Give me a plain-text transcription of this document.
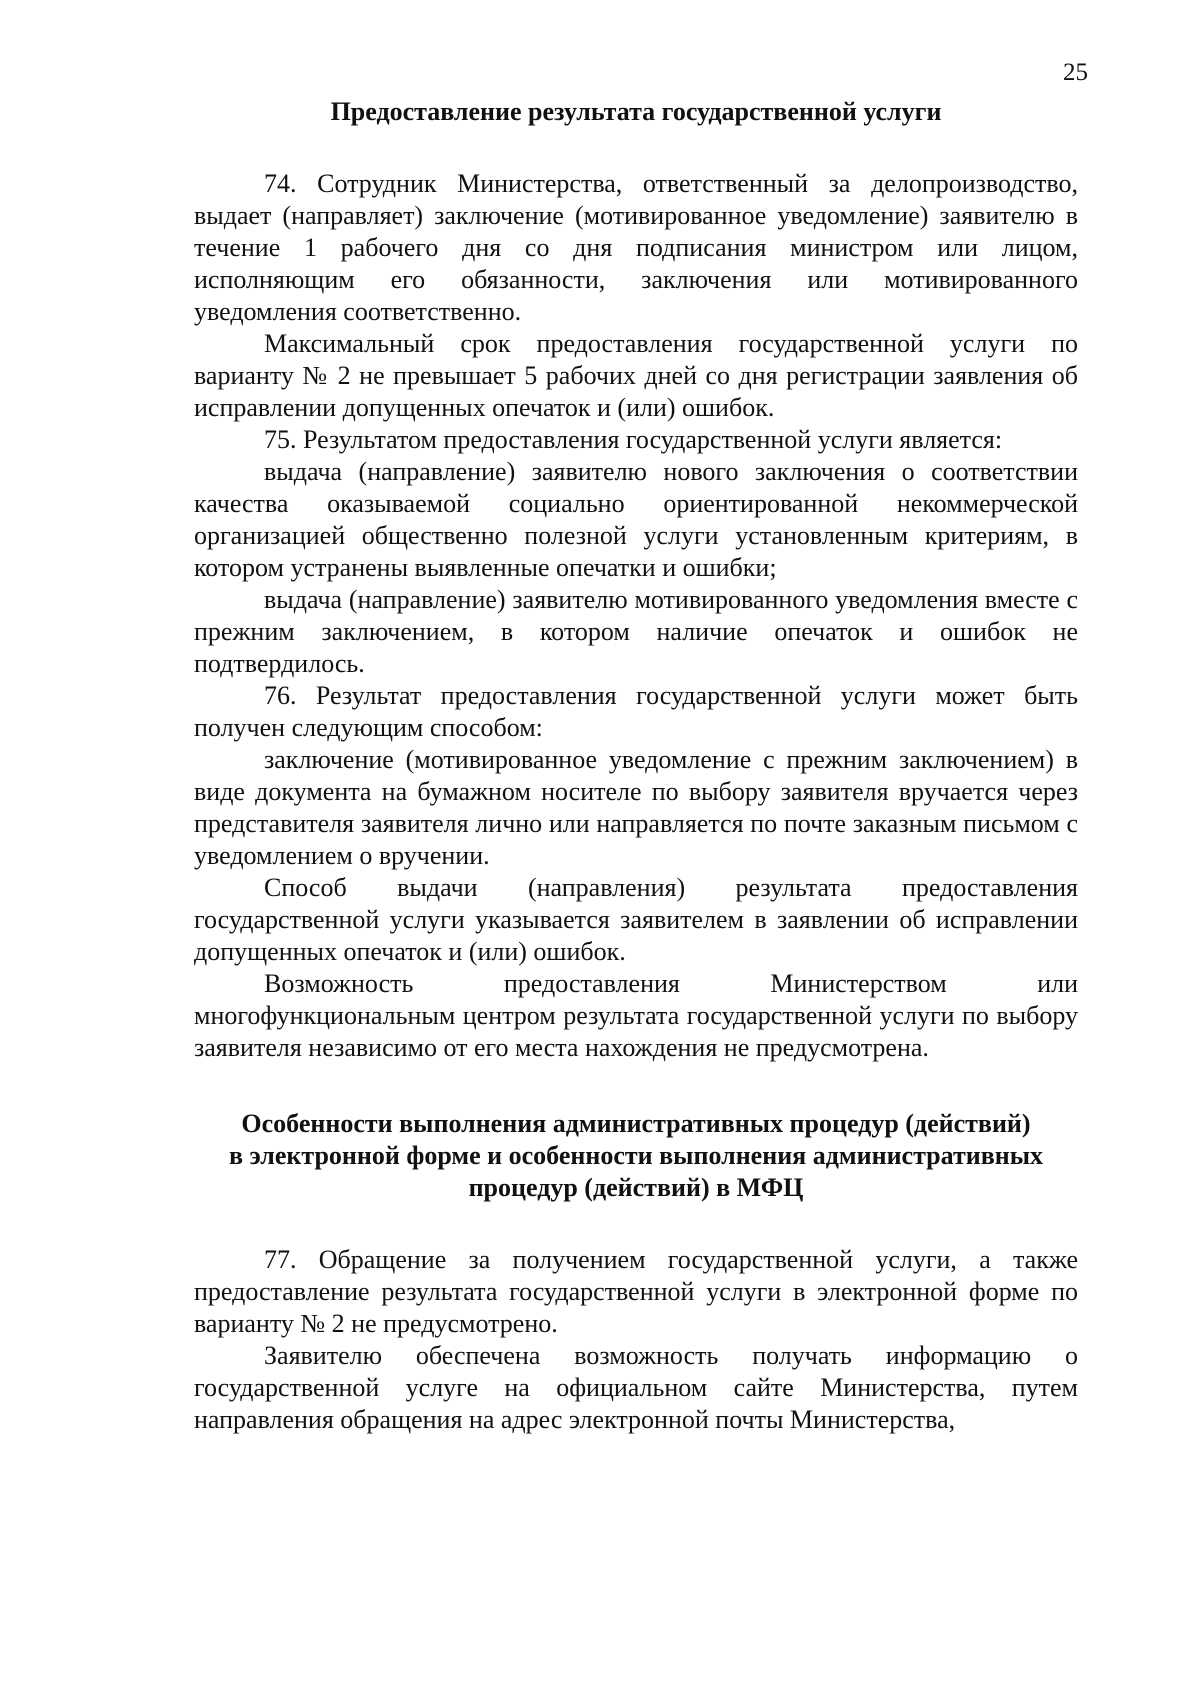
25
Предоставление результата государственной услуги

74. Сотрудник Министерства, ответственный за делопроизводство, выдает (направляет) заключение (мотивированное уведомление) заявителю в течение 1 рабочего дня со дня подписания министром или лицом, исполняющим его обязанности, заключения или мотивированного уведомления соответственно.

Максимальный срок предоставления государственной услуги по варианту № 2 не превышает 5 рабочих дней со дня регистрации заявления об исправлении допущенных опечаток и (или) ошибок.

75. Результатом предоставления государственной услуги является:

выдача (направление) заявителю нового заключения о соответствии качества оказываемой социально ориентированной некоммерческой организацией общественно полезной услуги установленным критериям, в котором устранены выявленные опечатки и ошибки;

выдача (направление) заявителю мотивированного уведомления вместе с прежним заключением, в котором наличие опечаток и ошибок не подтвердилось.

76. Результат предоставления государственной услуги может быть получен следующим способом:

заключение (мотивированное уведомление с прежним заключением) в виде документа на бумажном носителе по выбору заявителя вручается через представителя заявителя лично или направляется по почте заказным письмом с уведомлением о вручении.

Способ выдачи (направления) результата предоставления государственной услуги указывается заявителем в заявлении об исправлении допущенных опечаток и (или) ошибок.

Возможность предоставления Министерством или многофункциональным центром результата государственной услуги по выбору заявителя независимо от его места нахождения не предусмотрена.

Особенности выполнения административных процедур (действий)
в электронной форме и особенности выполнения административных
процедур (действий) в МФЦ

77. Обращение за получением государственной услуги, а также предоставление результата государственной услуги в электронной форме по варианту № 2 не предусмотрено.

Заявителю обеспечена возможность получать информацию о государственной услуге на официальном сайте Министерства, путем направления обращения на адрес электронной почты Министерства,
